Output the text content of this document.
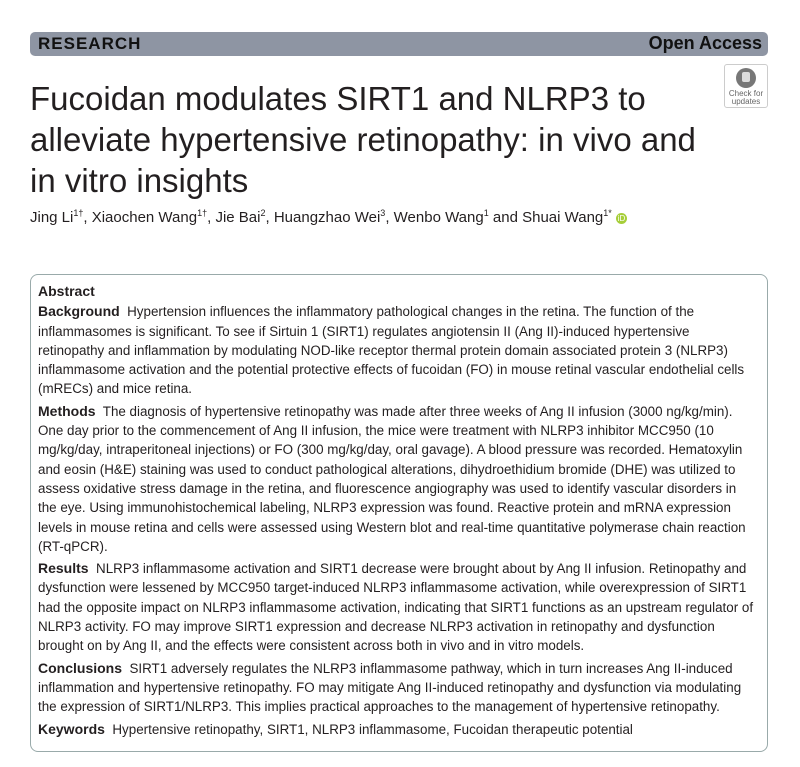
RESEARCH	Open Access
Check for updates
Fucoidan modulates SIRT1 and NLRP3 to alleviate hypertensive retinopathy: in vivo and in vitro insights
Jing $Li^{1\dagger}$, Xiaochen Wang$^{1\dagger}$, Jie Bai$^2$, Huangzhao Wei$^3$, Wenbo Wang$^1$ and Shuai Wang$^{1*}$ iD
Abstract

Background Hypertension influences the inflammatory pathological changes in the retina. The function of the inflammasomes is significant. To see if Sirtuin 1 (SIRT1) regulates angiotensin II (Ang II)-induced hypertensive retinopathy and inflammation by modulating NOD-like receptor thermal protein domain associated protein 3 (NLRP3) inflammasome activation and the potential protective effects of fucoidan (FO) in mouse retinal vascular endothelial cells (mRECs) and mice retina.

Methods The diagnosis of hypertensive retinopathy was made after three weeks of Ang II infusion (3000 ng/kg/min). One day prior to the commencement of Ang II infusion, the mice were treatment with NLRP3 inhibitor MCC950 (10 mg/kg/day, intraperitoneal injections) or FO (300 mg/kg/day, oral gavage). A blood pressure was recorded. Hematoxylin and eosin (H&E) staining was used to conduct pathological alterations, dihydroethidium bromide (DHE) was utilized to assess oxidative stress damage in the retina, and fluorescence angiography was used to identify vascular disorders in the eye. Using immunohistochemical labeling, NLRP3 expression was found. Reactive protein and mRNA expression levels in mouse retina and cells were assessed using Western blot and real-time quantitative polymerase chain reaction (RT-qPCR).

Results NLRP3 inflammasome activation and SIRT1 decrease were brought about by Ang II infusion. Retinopathy and dysfunction were lessened by MCC950 target-induced NLRP3 inflammasome activation, while overexpression of SIRT1 had the opposite impact on NLRP3 inflammasome activation, indicating that SIRT1 functions as an upstream regulator of NLRP3 activity. FO may improve SIRT1 expression and decrease NLRP3 activation in retinopathy and dysfunction brought on by Ang II, and the effects were consistent across both in vivo and in vitro models.

Conclusions SIRT1 adversely regulates the NLRP3 inflammasome pathway, which in turn increases Ang II-induced inflammation and hypertensive retinopathy. FO may mitigate Ang II-induced retinopathy and dysfunction via modulating the expression of SIRT1/NLRP3. This implies practical approaches to the management of hypertensive retinopathy.

Keywords Hypertensive retinopathy, SIRT1, NLRP3 inflammasome, Fucoidan therapeutic potential
